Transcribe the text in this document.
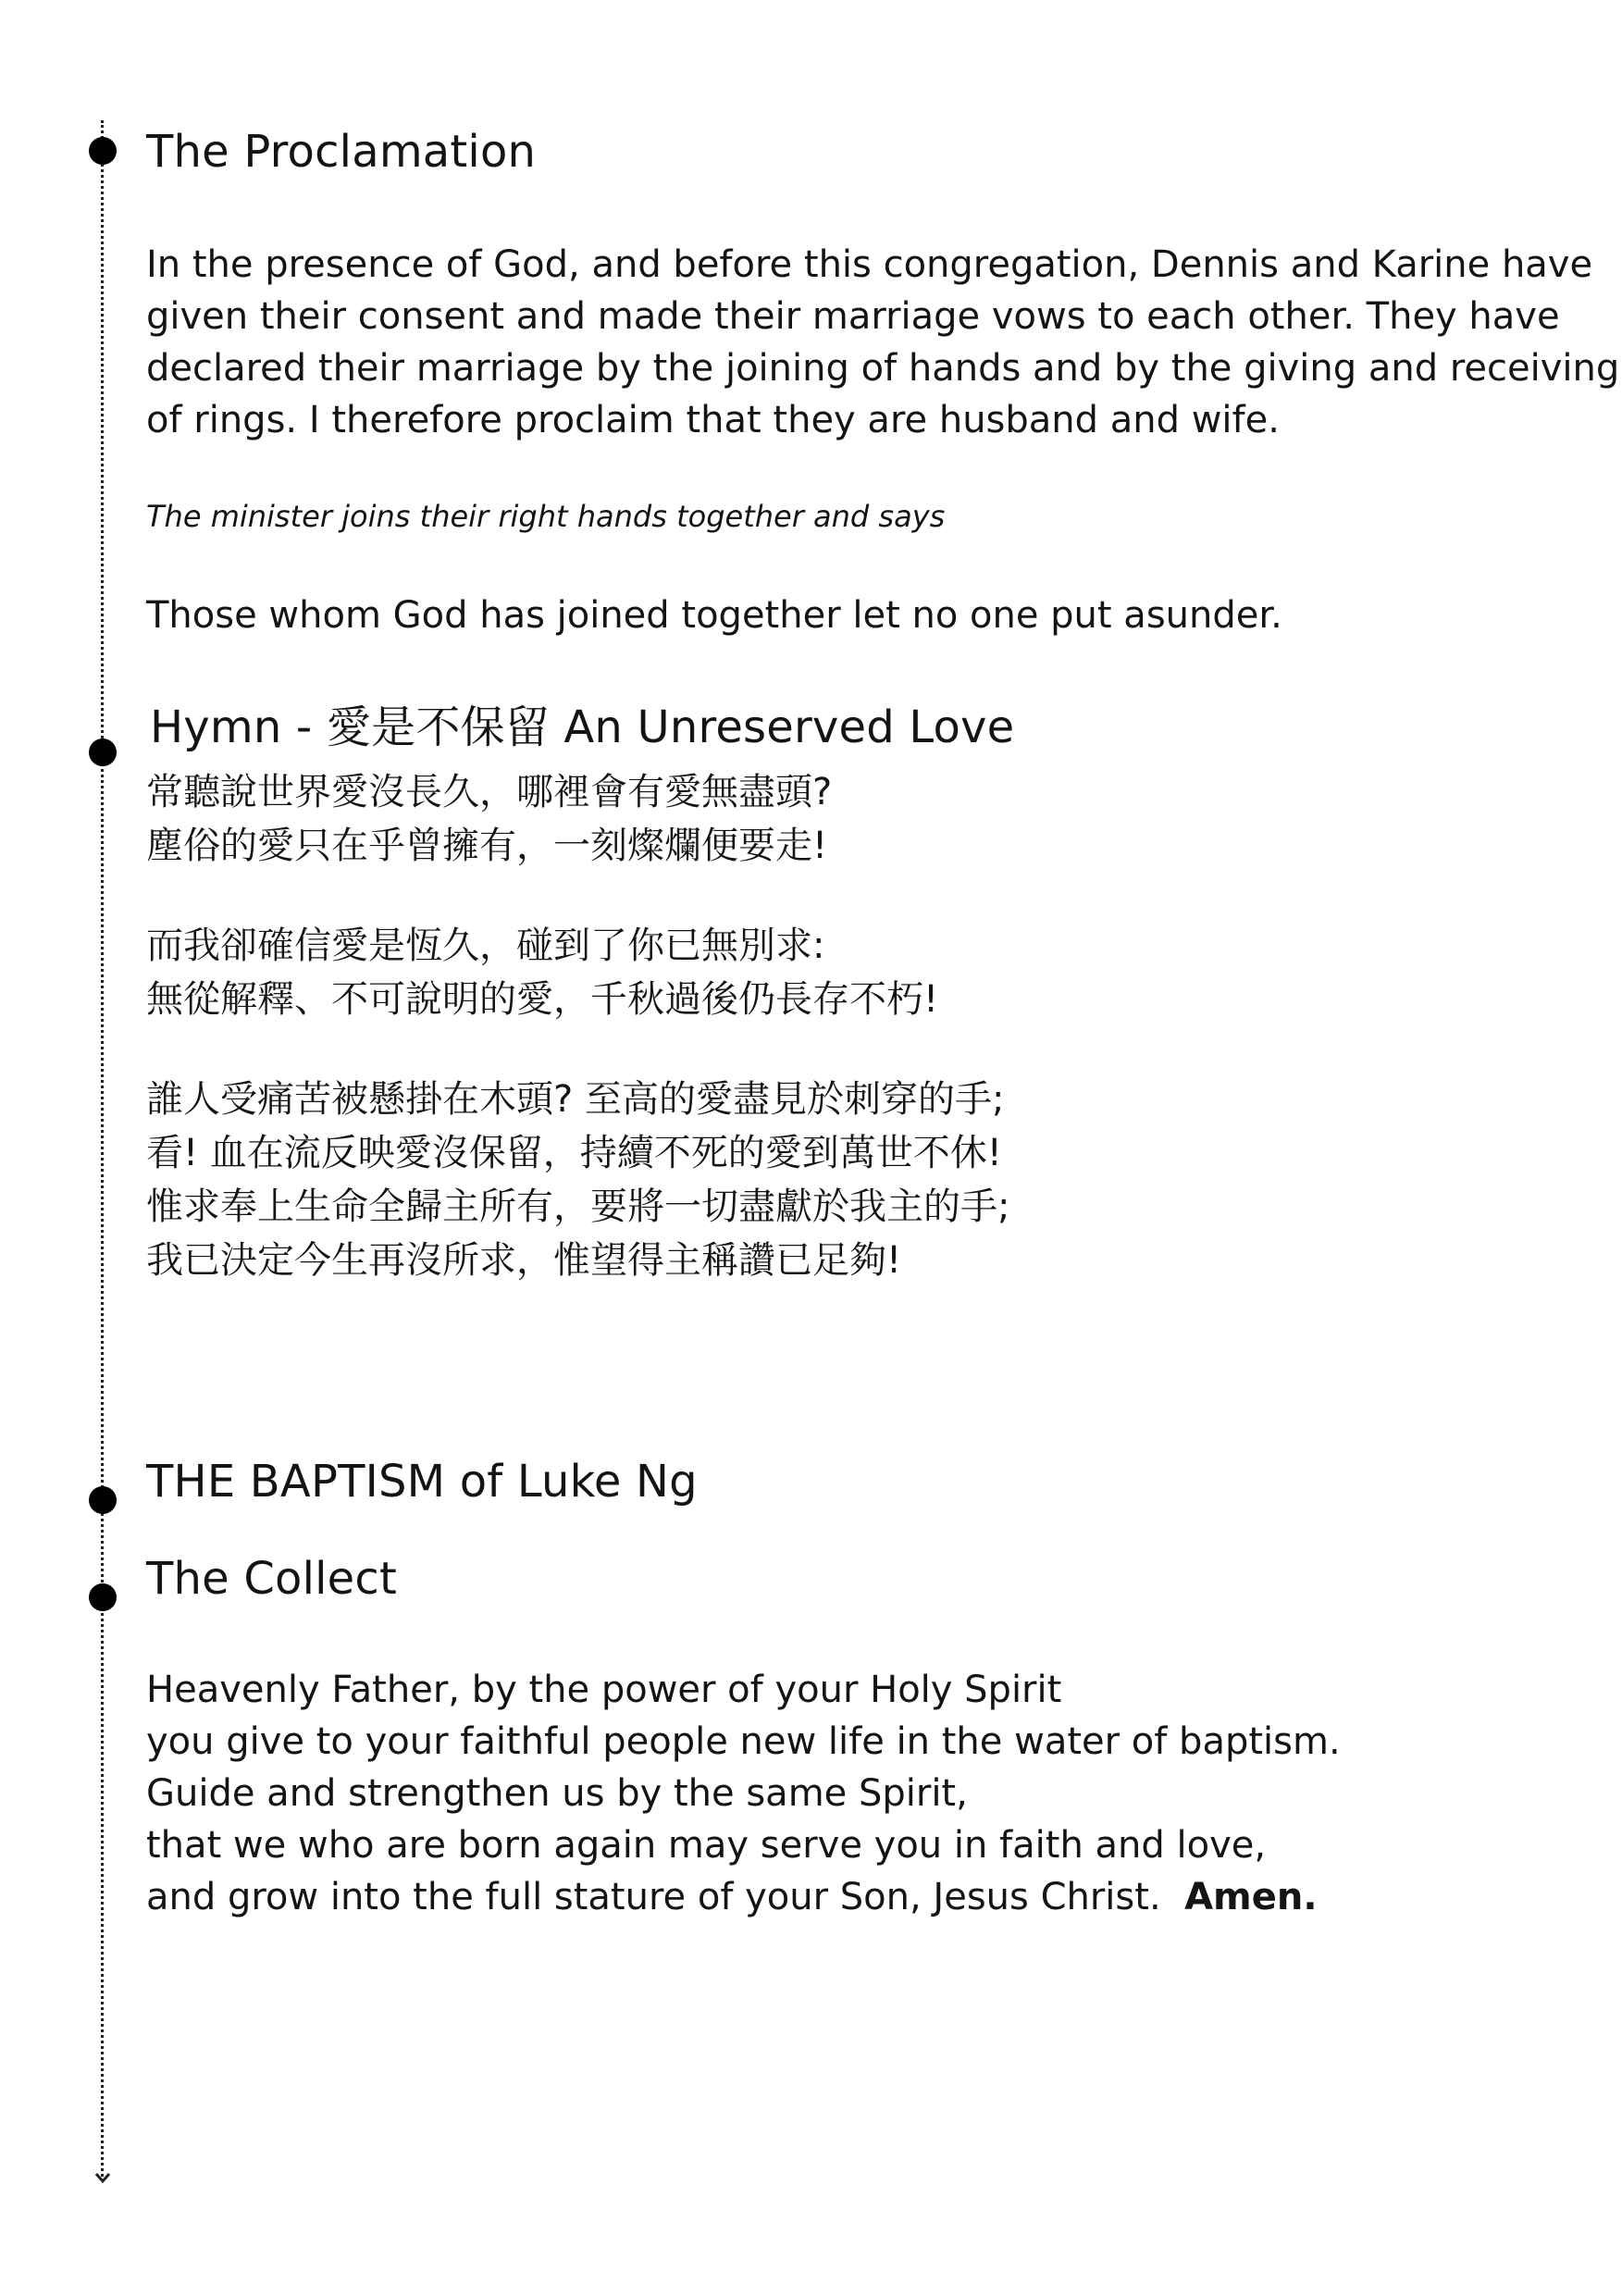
The Proclamation
In the presence of God, and before this congregation, Dennis and Karine have
given their consent and made their marriage vows to each other. They have
declared their marriage by the joining of hands and by the giving and receiving
of rings. I therefore proclaim that they are husband and wife.
The minister joins their right hands together and says
Those whom God has joined together let no one put asunder.
Hymn - 愛是不保留 An Unreserved Love
常聽說世界愛沒長久，哪裡會有愛無盡頭?
塵俗的愛只在乎曾擁有，一刻燦爛便要走!
而我卻確信愛是恆久，碰到了你已無別求:
無從解釋、不可說明的愛，千秋過後仍長存不朽!
誰人受痛苦被懸掛在木頭? 至高的愛盡見於刺穿的手;
看! 血在流反映愛沒保留，持續不死的愛到萬世不休!
惟求奉上生命全歸主所有，要將一切盡獻於我主的手;
我已決定今生再沒所求，惟望得主稱讚已足夠!
THE BAPTISM of Luke Ng
The Collect
Heavenly Father, by the power of your Holy Spirit
you give to your faithful people new life in the water of baptism.
Guide and strengthen us by the same Spirit,
that we who are born again may serve you in faith and love,
and grow into the full stature of your Son, Jesus Christ.  Amen.
